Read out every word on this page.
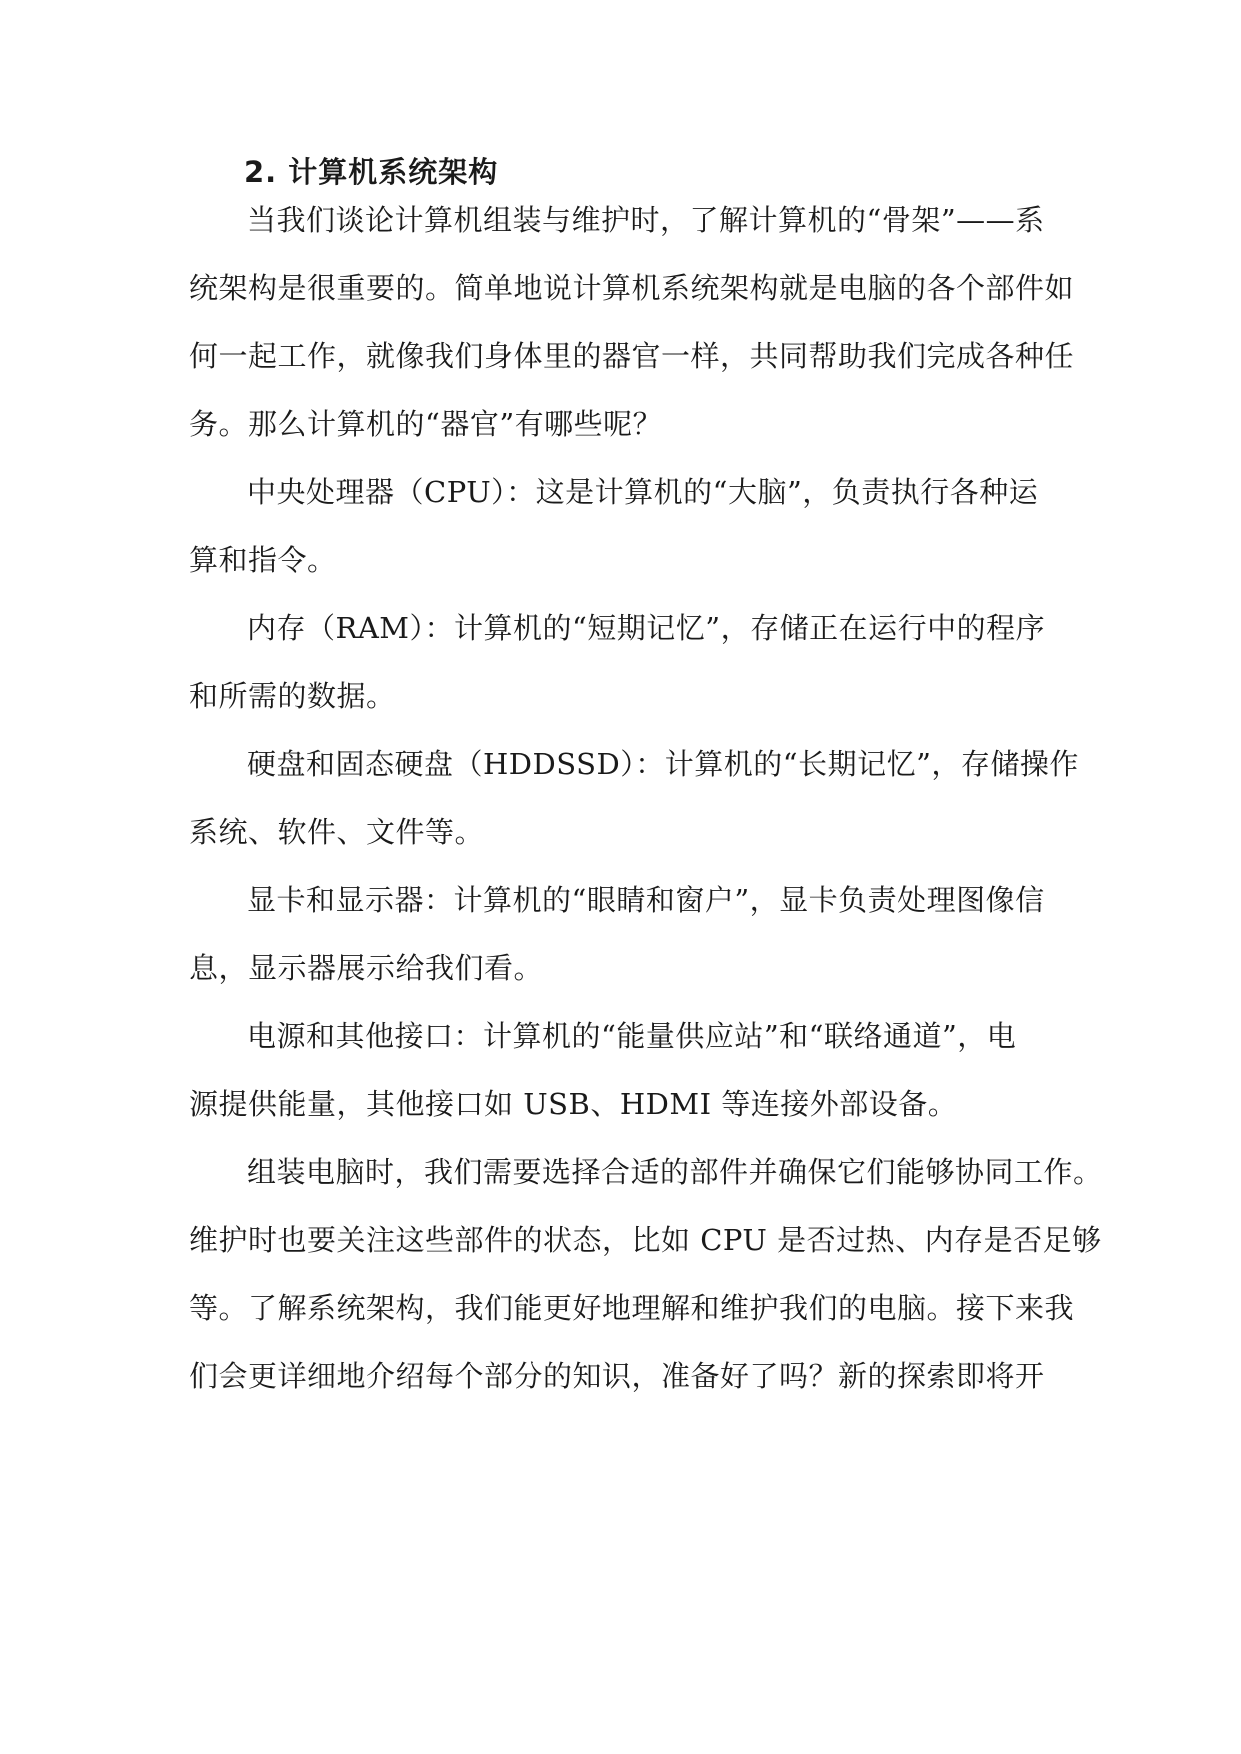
2. 计算机系统架构
当我们谈论计算机组装与维护时，了解计算机的“骨架”——系
统架构是很重要的。简单地说计算机系统架构就是电脑的各个部件如
何一起工作，就像我们身体里的器官一样，共同帮助我们完成各种任
务。那么计算机的“器官”有哪些呢？
中央处理器（CPU）：这是计算机的“大脑”，负责执行各种运
算和指令。
内存（RAM）：计算机的“短期记忆”，存储正在运行中的程序
和所需的数据。
硬盘和固态硬盘（HDDSSD）：计算机的“长期记忆”，存储操作
系统、软件、文件等。
显卡和显示器：计算机的“眼睛和窗户”，显卡负责处理图像信
息，显示器展示给我们看。
电源和其他接口：计算机的“能量供应站”和“联络通道”，电
源提供能量，其他接口如 USB、HDMI 等连接外部设备。
组装电脑时，我们需要选择合适的部件并确保它们能够协同工作。
维护时也要关注这些部件的状态，比如 CPU 是否过热、内存是否足够
等。了解系统架构，我们能更好地理解和维护我们的电脑。接下来我
们会更详细地介绍每个部分的知识，准备好了吗？新的探索即将开
